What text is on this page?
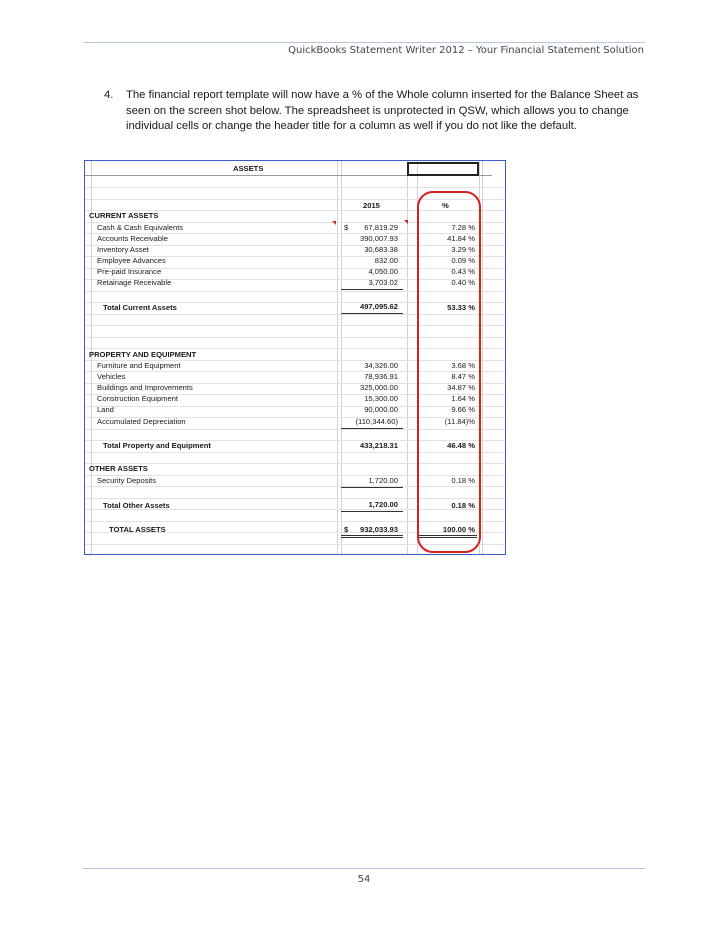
QuickBooks Statement Writer 2012 – Your Financial Statement Solution
4. The financial report template will now have a % of the Whole column inserted for the Balance Sheet as seen on the screen shot below. The spreadsheet is unprotected in QSW, which allows you to change individual cells or change the header title for a column as well if you do not like the default.
ASSETS
2015	%
CURRENT ASSETS
$
Cash & Cash Equivalents	67,819.29	7.28 %
Accounts Receivable	390,007.93	41.84 %
Inventory Asset	30,683.38	3.29 %
Employee Advances	832.00	0.09 %
Pre-paid Insurance	4,050.00	0.43 %
Retainage Receivable	3,703.02	0.40 %
Total Current Assets	497,095.62	53.33 %
PROPERTY AND EQUIPMENT
Furniture and Equipment	34,326.00	3.68 %
Vehicles	78,936.91	8.47 %
Buildings and Improvements	325,000.00	34.87 %
Construction Equipment	15,300.00	1.64 %
Land	90,000.00	9.66 %
Accumulated Depreciation	(110,344.60)	(11.84)%
Total Property and Equipment	433,218.31	46.48 %
OTHER ASSETS
Security Deposits	1,720.00	0.18 %
Total Other Assets	1,720.00	0.18 %
TOTAL ASSETS	$ 932,033.93	100.00 %
54
